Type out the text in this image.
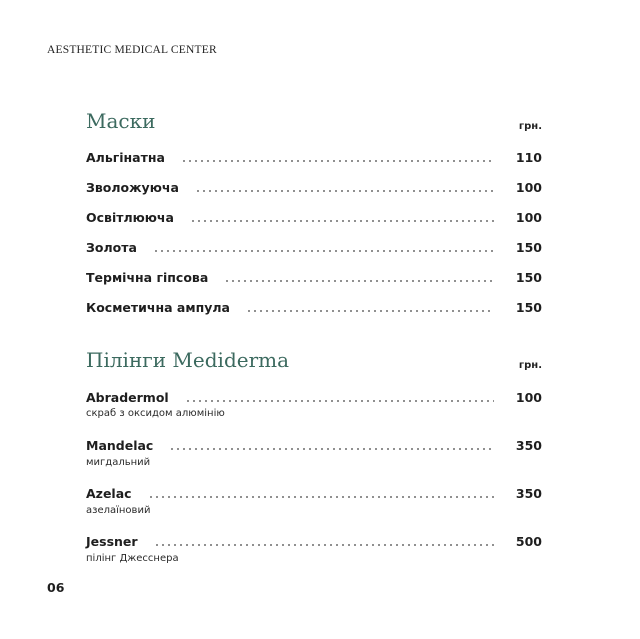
AESTHETIC MEDICAL CENTER
Маски	грн.
Альгінатна	110
Зволожуюча	100
Освітлююча	100
Золота	150
Термічна гіпсова	150
Косметична ампула	150
Пілінги Mediderma	грн.
Abradermol	100
скраб з оксидом алюмінію
Mandelac	350
мигдальний
Azelac	350
азелаїновий
Jessner	500
пілінг Джесснера
06
